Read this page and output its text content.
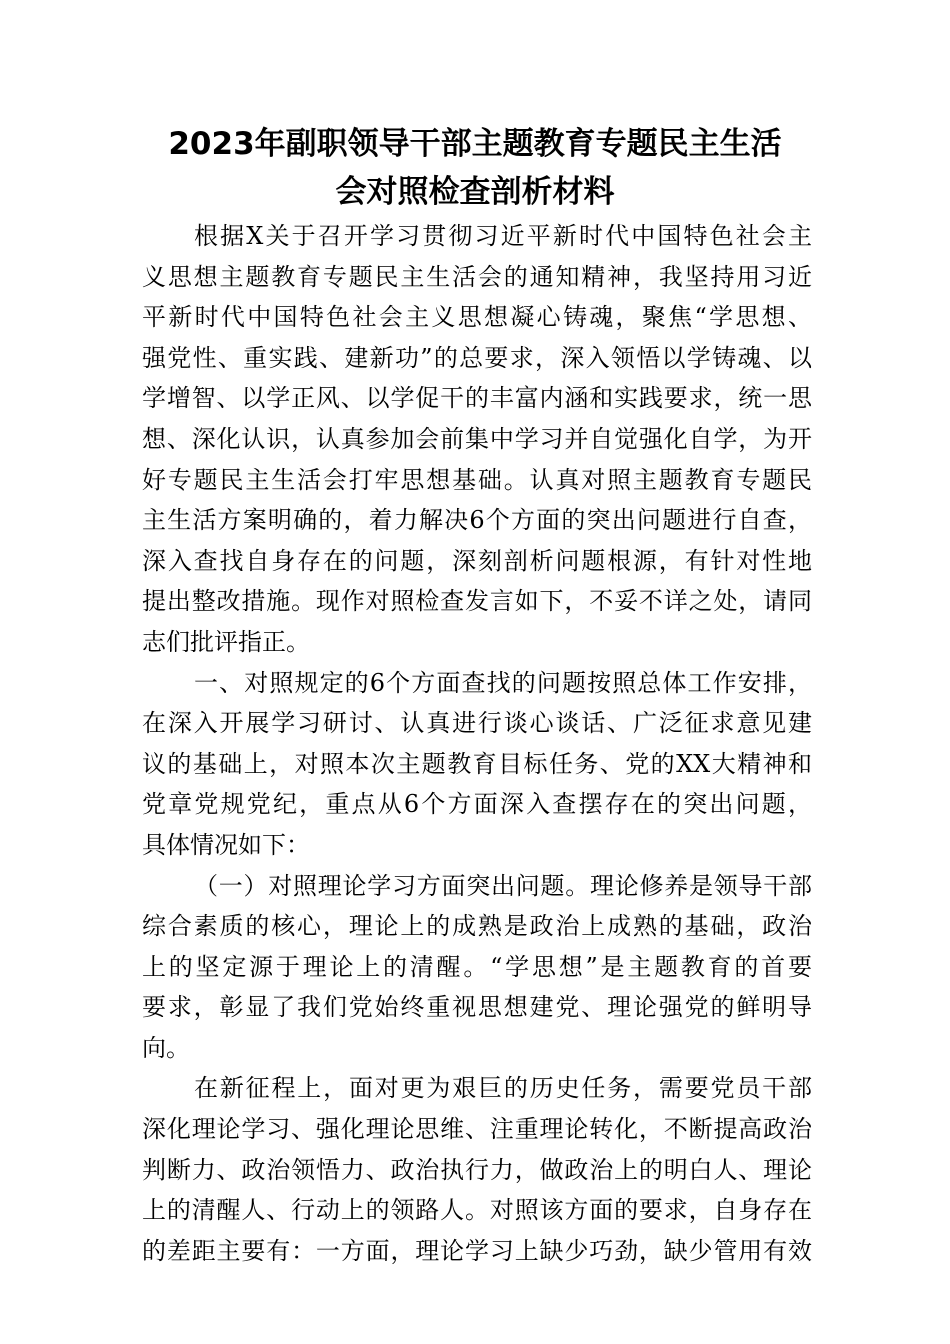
2023年副职领导干部主题教育专题民主生活
会对照检查剖析材料
根据X关于召开学习贯彻习近平新时代中国特色社会主
义思想主题教育专题民主生活会的通知精神，我坚持用习近
平新时代中国特色社会主义思想凝心铸魂，聚焦“学思想、
强党性、重实践、建新功”的总要求，深入领悟以学铸魂、以
学增智、以学正风、以学促干的丰富内涵和实践要求，统一思
想、深化认识，认真参加会前集中学习并自觉强化自学，为开
好专题民主生活会打牢思想基础。认真对照主题教育专题民
主生活方案明确的，着力解决6个方面的突出问题进行自查，
深入查找自身存在的问题，深刻剖析问题根源，有针对性地
提出整改措施。现作对照检查发言如下，不妥不详之处，请同
志们批评指正。
一、对照规定的6个方面查找的问题按照总体工作安排，
在深入开展学习研讨、认真进行谈心谈话、广泛征求意见建
议的基础上，对照本次主题教育目标任务、党的XX大精神和
党章党规党纪，重点从6个方面深入查摆存在的突出问题，
具体情况如下：
（一）对照理论学习方面突出问题。理论修养是领导干部
综合素质的核心，理论上的成熟是政治上成熟的基础，政治
上的坚定源于理论上的清醒。“学思想”是主题教育的首要
要求，彰显了我们党始终重视思想建党、理论强党的鲜明导
向。
在新征程上，面对更为艰巨的历史任务，需要党员干部
深化理论学习、强化理论思维、注重理论转化，不断提高政治
判断力、政治领悟力、政治执行力，做政治上的明白人、理论
上的清醒人、行动上的领路人。对照该方面的要求，自身存在
的差距主要有：一方面，理论学习上缺少巧劲，缺少管用有效
